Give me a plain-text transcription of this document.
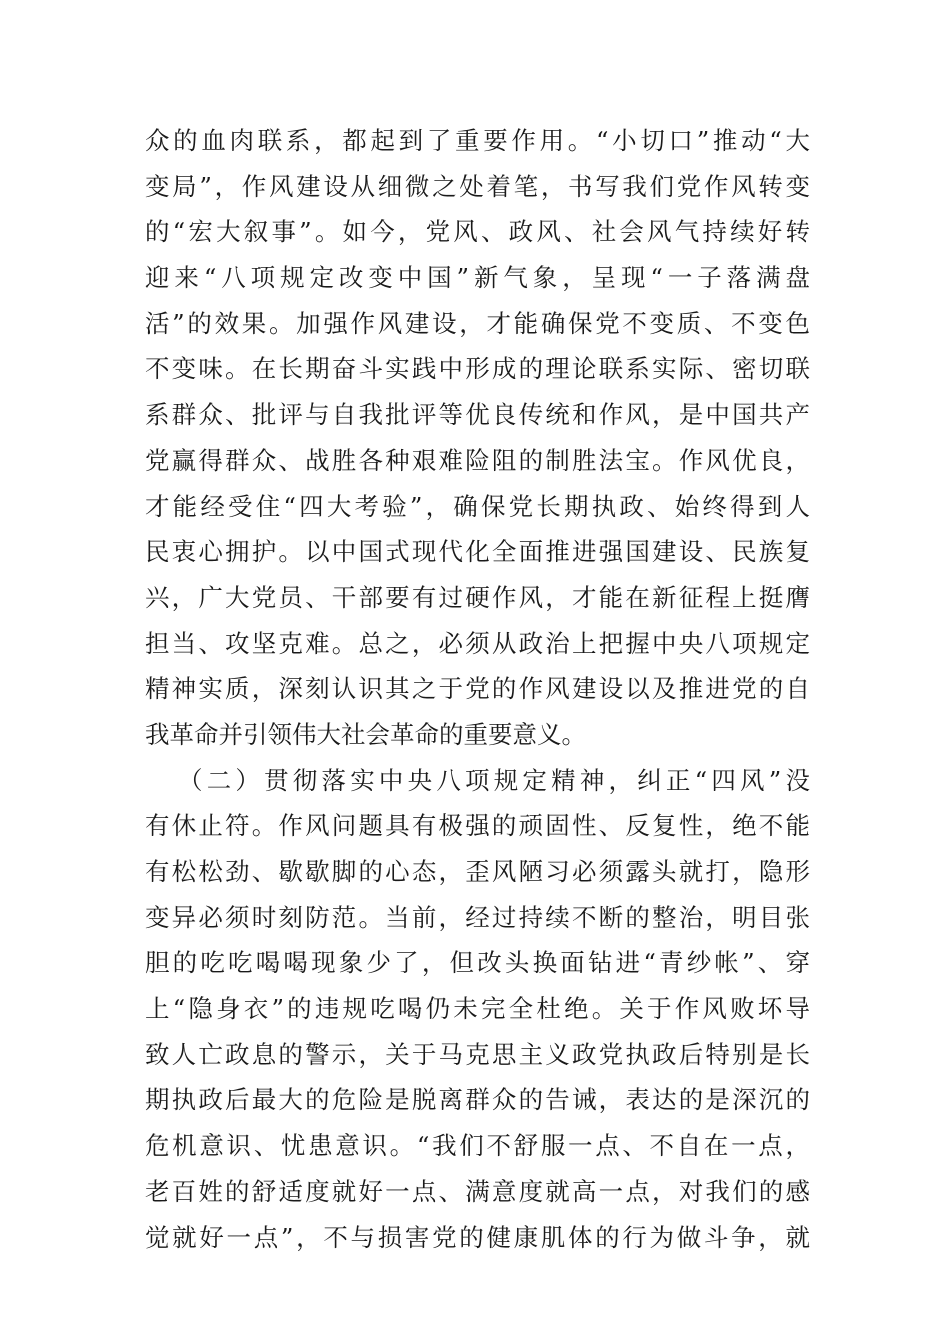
众的血肉联系，都起到了重要作用。“小切口”推动“大
变局”，作风建设从细微之处着笔，书写我们党作风转变
的“宏大叙事”。如今，党风、政风、社会风气持续好转
迎来“八项规定改变中国”新气象，呈现“一子落满盘
活”的效果。加强作风建设，才能确保党不变质、不变色
不变味。在长期奋斗实践中形成的理论联系实际、密切联
系群众、批评与自我批评等优良传统和作风，是中国共产
党赢得群众、战胜各种艰难险阻的制胜法宝。作风优良，
才能经受住“四大考验”，确保党长期执政、始终得到人
民衷心拥护。以中国式现代化全面推进强国建设、民族复
兴，广大党员、干部要有过硬作风，才能在新征程上挺膺
担当、攻坚克难。总之，必须从政治上把握中央八项规定
精神实质，深刻认识其之于党的作风建设以及推进党的自
我革命并引领伟大社会革命的重要意义。
（二）贯彻落实中央八项规定精神，纠正“四风”没
有休止符。作风问题具有极强的顽固性、反复性，绝不能
有松松劲、歇歇脚的心态，歪风陋习必须露头就打，隐形
变异必须时刻防范。当前，经过持续不断的整治，明目张
胆的吃吃喝喝现象少了，但改头换面钻进“青纱帐”、穿
上“隐身衣”的违规吃喝仍未完全杜绝。关于作风败坏导
致人亡政息的警示，关于马克思主义政党执政后特别是长
期执政后最大的危险是脱离群众的告诫，表达的是深沉的
危机意识、忧患意识。“我们不舒服一点、不自在一点，
老百姓的舒适度就好一点、满意度就高一点，对我们的感
觉就好一点”，不与损害党的健康肌体的行为做斗争，就
